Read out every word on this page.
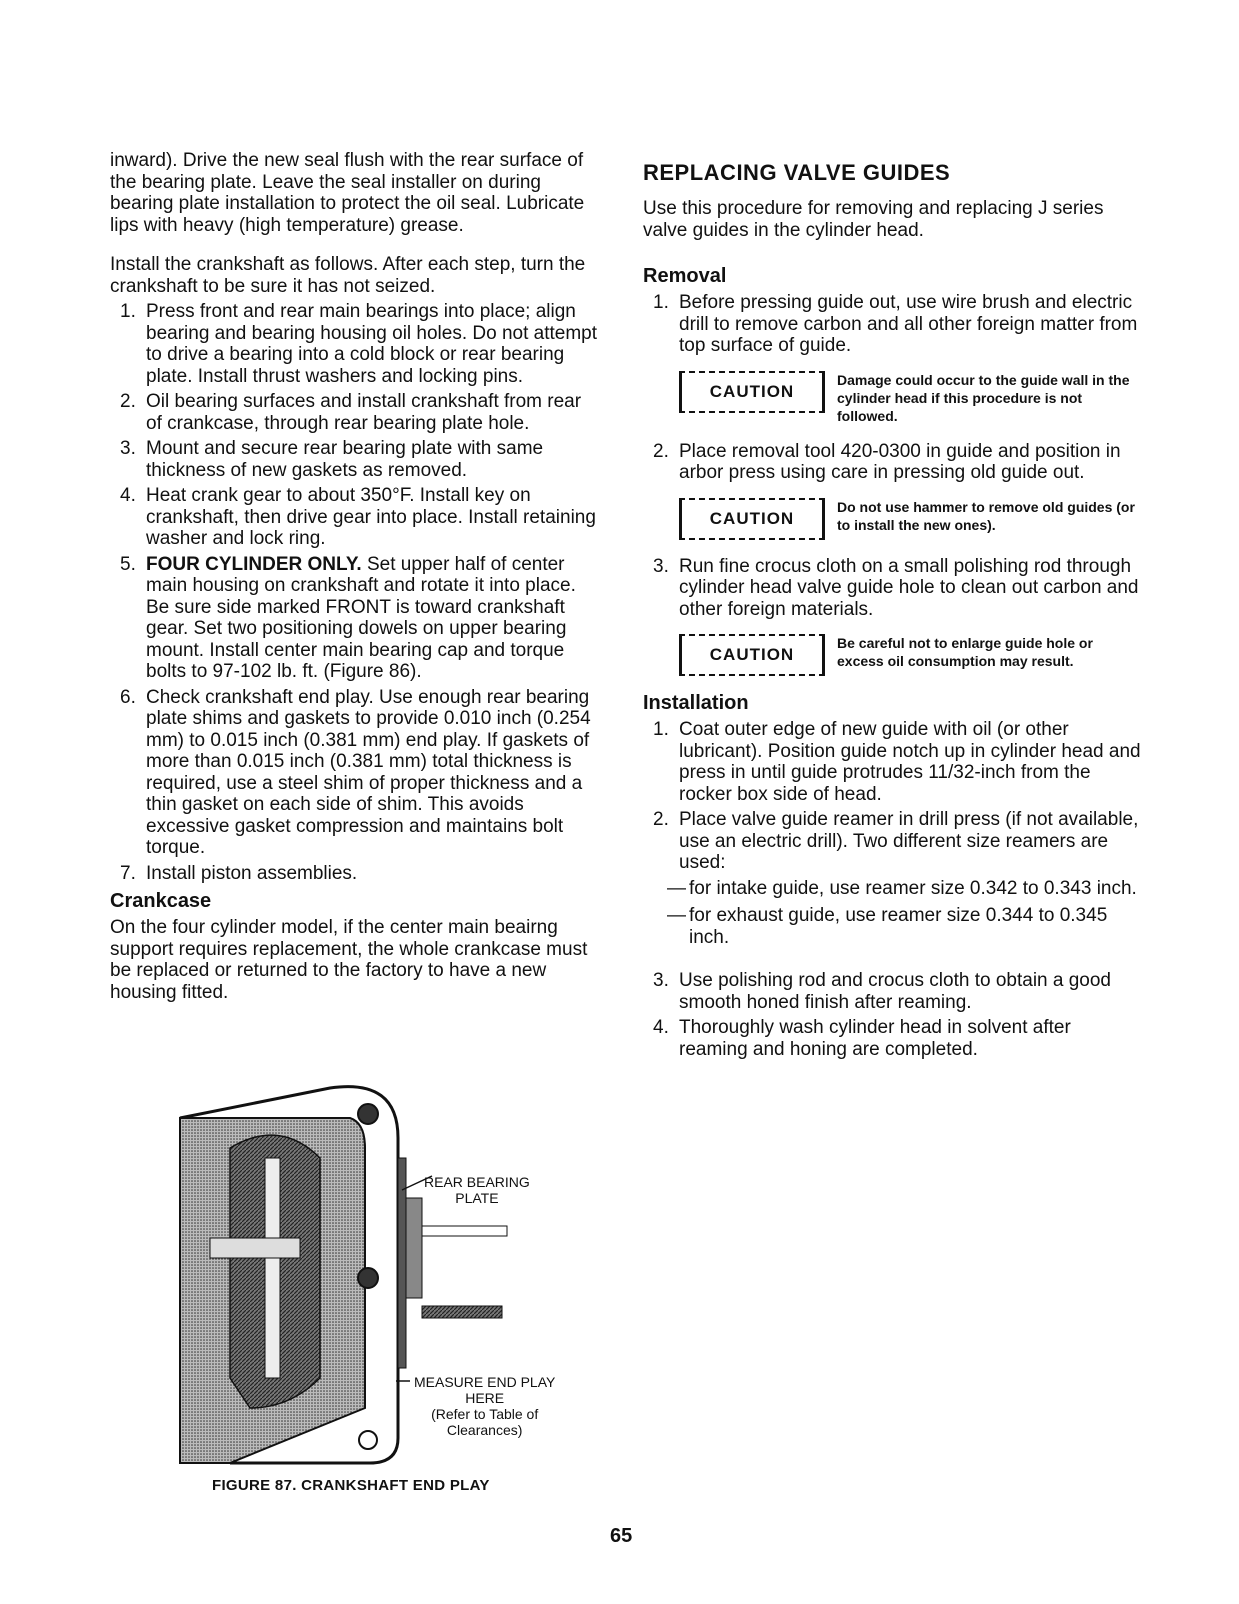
inward). Drive the new seal flush with the rear surface of the bearing plate. Leave the seal installer on during bearing plate installation to protect the oil seal. Lubricate lips with heavy (high temperature) grease.

Install the crankshaft as follows. After each step, turn the crankshaft to be sure it has not seized.

1. Press front and rear main bearings into place; align bearing and bearing housing oil holes. Do not attempt to drive a bearing into a cold block or rear bearing plate. Install thrust washers and locking pins.
2. Oil bearing surfaces and install crankshaft from rear of crankcase, through rear bearing plate hole.
3. Mount and secure rear bearing plate with same thickness of new gaskets as removed.
4. Heat crank gear to about 350°F. Install key on crankshaft, then drive gear into place. Install retaining washer and lock ring.
5. FOUR CYLINDER ONLY. Set upper half of center main housing on crankshaft and rotate it into place. Be sure side marked FRONT is toward crankshaft gear. Set two positioning dowels on upper bearing mount. Install center main bearing cap and torque bolts to 97-102 lb. ft. (Figure 86).
6. Check crankshaft end play. Use enough rear bearing plate shims and gaskets to provide 0.010 inch (0.254 mm) to 0.015 inch (0.381 mm) end play. If gaskets of more than 0.015 inch (0.381 mm) total thickness is required, use a steel shim of proper thickness and a thin gasket on each side of shim. This avoids excessive gasket compression and maintains bolt torque.
7. Install piston assemblies.
Crankcase

On the four cylinder model, if the center main beairng support requires replacement, the whole crankcase must be replaced or returned to the factory to have a new housing fitted.

REAR BEARING
PLATE
MEASURE END PLAY
HERE
(Refer to Table of
Clearances)
FIGURE 87. CRANKSHAFT END PLAY
REPLACING VALVE GUIDES

Use this procedure for removing and replacing J series valve guides in the cylinder head.

Removal
1. Before pressing guide out, use wire brush and electric drill to remove carbon and all other foreign matter from top surface of guide.
CAUTION
Damage could occur to the guide wall in the cylinder head if this procedure is not followed.
2. Place removal tool 420-0300 in guide and position in arbor press using care in pressing old guide out.
CAUTION
Do not use hammer to remove old guides (or to install the new ones).
3. Run fine crocus cloth on a small polishing rod through cylinder head valve guide hole to clean out carbon and other foreign materials.
CAUTION
Be careful not to enlarge guide hole or excess oil consumption may result.
Installation
1. Coat outer edge of new guide with oil (or other lubricant). Position guide notch up in cylinder head and press in until guide protrudes 11/32-inch from the rocker box side of head.
2. Place valve guide reamer in drill press (if not available, use an electric drill). Two different size reamers are used:

— for intake guide, use reamer size 0.342 to 0.343 inch.

— for exhaust guide, use reamer size 0.344 to 0.345 inch.

3. Use polishing rod and crocus cloth to obtain a good smooth honed finish after reaming.
4. Thoroughly wash cylinder head in solvent after reaming and honing are completed.
65
